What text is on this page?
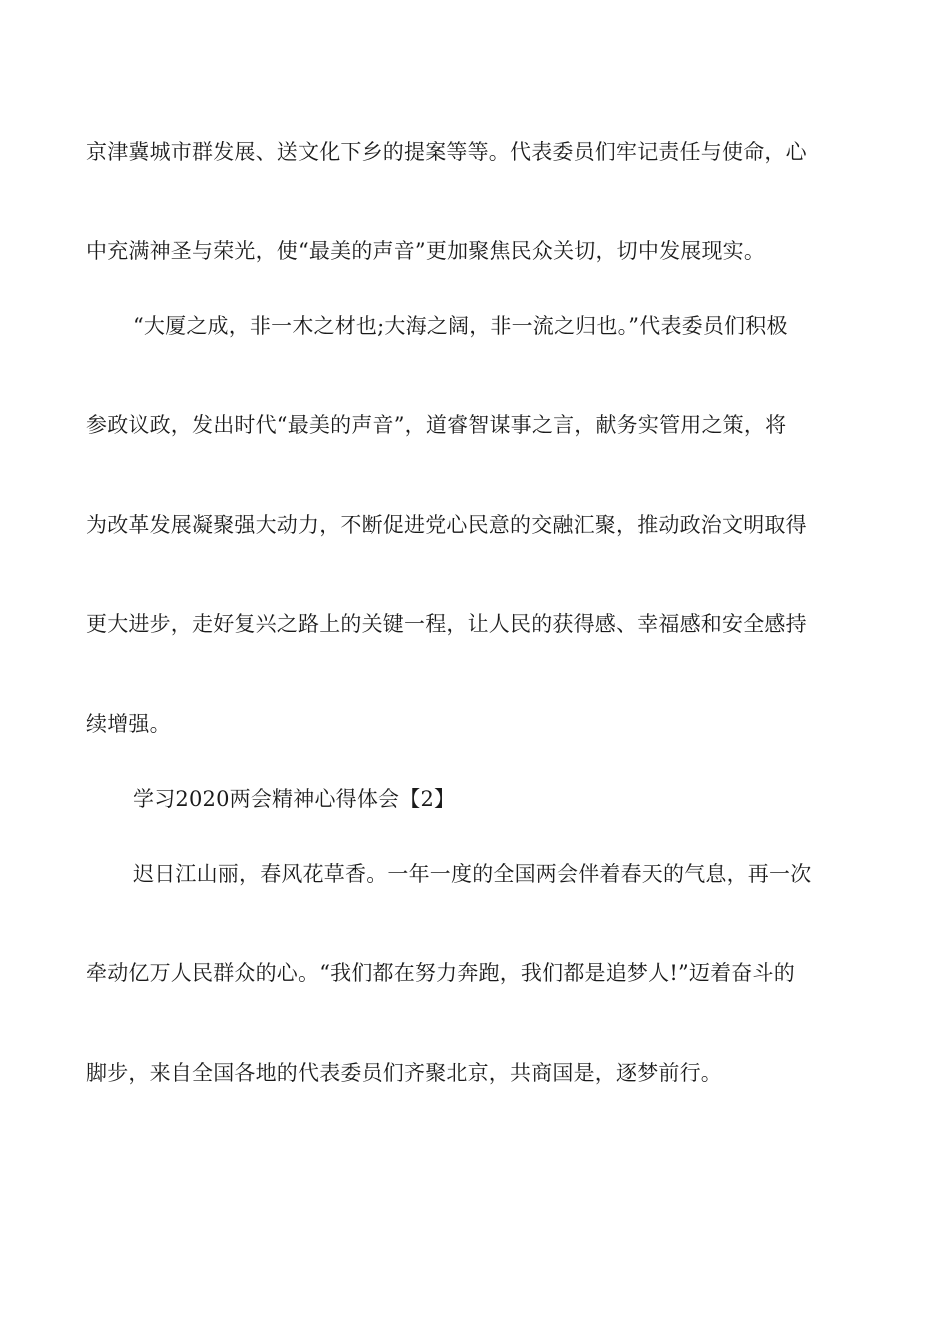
京津冀城市群发展、送文化下乡的提案等等。代表委员们牢记责任与使命，心
中充满神圣与荣光，使“最美的声音”更加聚焦民众关切，切中发展现实。
“大厦之成，非一木之材也;大海之阔，非一流之归也。”代表委员们积极
参政议政，发出时代“最美的声音”，道睿智谋事之言，献务实管用之策，将
为改革发展凝聚强大动力，不断促进党心民意的交融汇聚，推动政治文明取得
更大进步，走好复兴之路上的关键一程，让人民的获得感、幸福感和安全感持
续增强。
学习2020两会精神心得体会【2】
迟日江山丽，春风花草香。一年一度的全国两会伴着春天的气息，再一次
牵动亿万人民群众的心。“我们都在努力奔跑，我们都是追梦人!”迈着奋斗的
脚步，来自全国各地的代表委员们齐聚北京，共商国是，逐梦前行。
